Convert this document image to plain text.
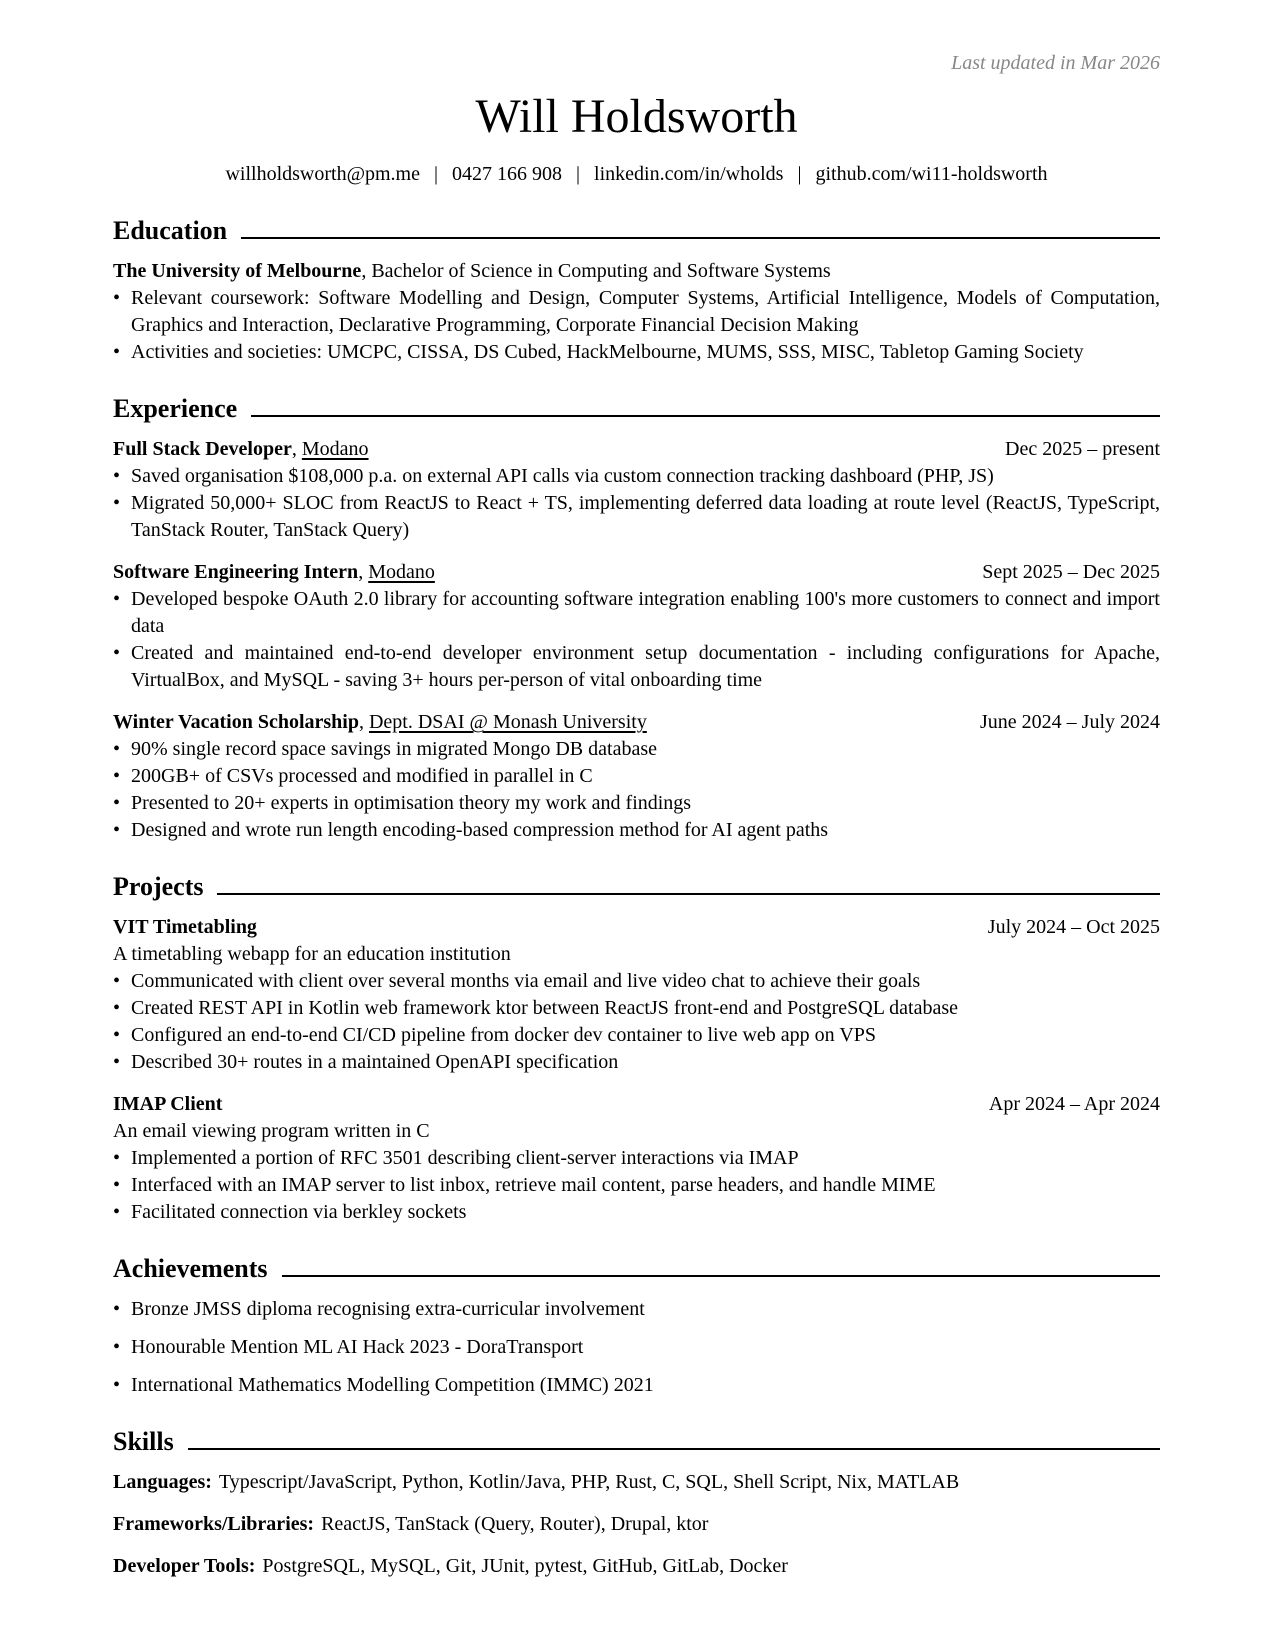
Last updated in Mar 2026
Will Holdsworth
willholdsworth@pm.me | 0427 166 908 | linkedin.com/in/wholds | github.com/wi11-holdsworth
Education
The University of Melbourne, Bachelor of Science in Computing and Software Systems
•
Relevant coursework: Software Modelling and Design, Computer Systems, Artificial Intelligence, Models of Computation, Graphics and Interaction, Declarative Programming, Corporate Financial Decision Making
•
Activities and societies: UMCPC, CISSA, DS Cubed, HackMelbourne, MUMS, SSS, MISC, Tabletop Gaming Society
Experience
Full Stack Developer, Modano	Dec 2025 – present
•
Saved organisation $108,000 p.a. on external API calls via custom connection tracking dashboard (PHP, JS)
•
Migrated 50,000+ SLOC from ReactJS to React + TS, implementing deferred data loading at route level (ReactJS, TypeScript, TanStack Router, TanStack Query)
Software Engineering Intern, Modano	Sept 2025 – Dec 2025
•
Developed bespoke OAuth 2.0 library for accounting software integration enabling 100's more customers to connect and import data
•
Created and maintained end-to-end developer environment setup documentation - including configurations for Apache, VirtualBox, and MySQL - saving 3+ hours per-person of vital onboarding time
Winter Vacation Scholarship, Dept. DSAI @ Monash University	June 2024 – July 2024
•
90% single record space savings in migrated Mongo DB database
•
200GB+ of CSVs processed and modified in parallel in C
•
Presented to 20+ experts in optimisation theory my work and findings
•
Designed and wrote run length encoding-based compression method for AI agent paths
Projects
VIT Timetabling	July 2024 – Oct 2025
A timetabling webapp for an education institution
•
Communicated with client over several months via email and live video chat to achieve their goals
•
Created REST API in Kotlin web framework ktor between ReactJS front-end and PostgreSQL database
•
Configured an end-to-end CI/CD pipeline from docker dev container to live web app on VPS
•
Described 30+ routes in a maintained OpenAPI specification
IMAP Client	Apr 2024 – Apr 2024
An email viewing program written in C
•
Implemented a portion of RFC 3501 describing client-server interactions via IMAP
•
Interfaced with an IMAP server to list inbox, retrieve mail content, parse headers, and handle MIME
•
Facilitated connection via berkley sockets
Achievements
•
Bronze JMSS diploma recognising extra-curricular involvement
•
Honourable Mention ML AI Hack 2023 - DoraTransport
•
International Mathematics Modelling Competition (IMMC) 2021
Skills
Languages: Typescript/JavaScript, Python, Kotlin/Java, PHP, Rust, C, SQL, Shell Script, Nix, MATLAB
Frameworks/Libraries: ReactJS, TanStack (Query, Router), Drupal, ktor
Developer Tools: PostgreSQL, MySQL, Git, JUnit, pytest, GitHub, GitLab, Docker
